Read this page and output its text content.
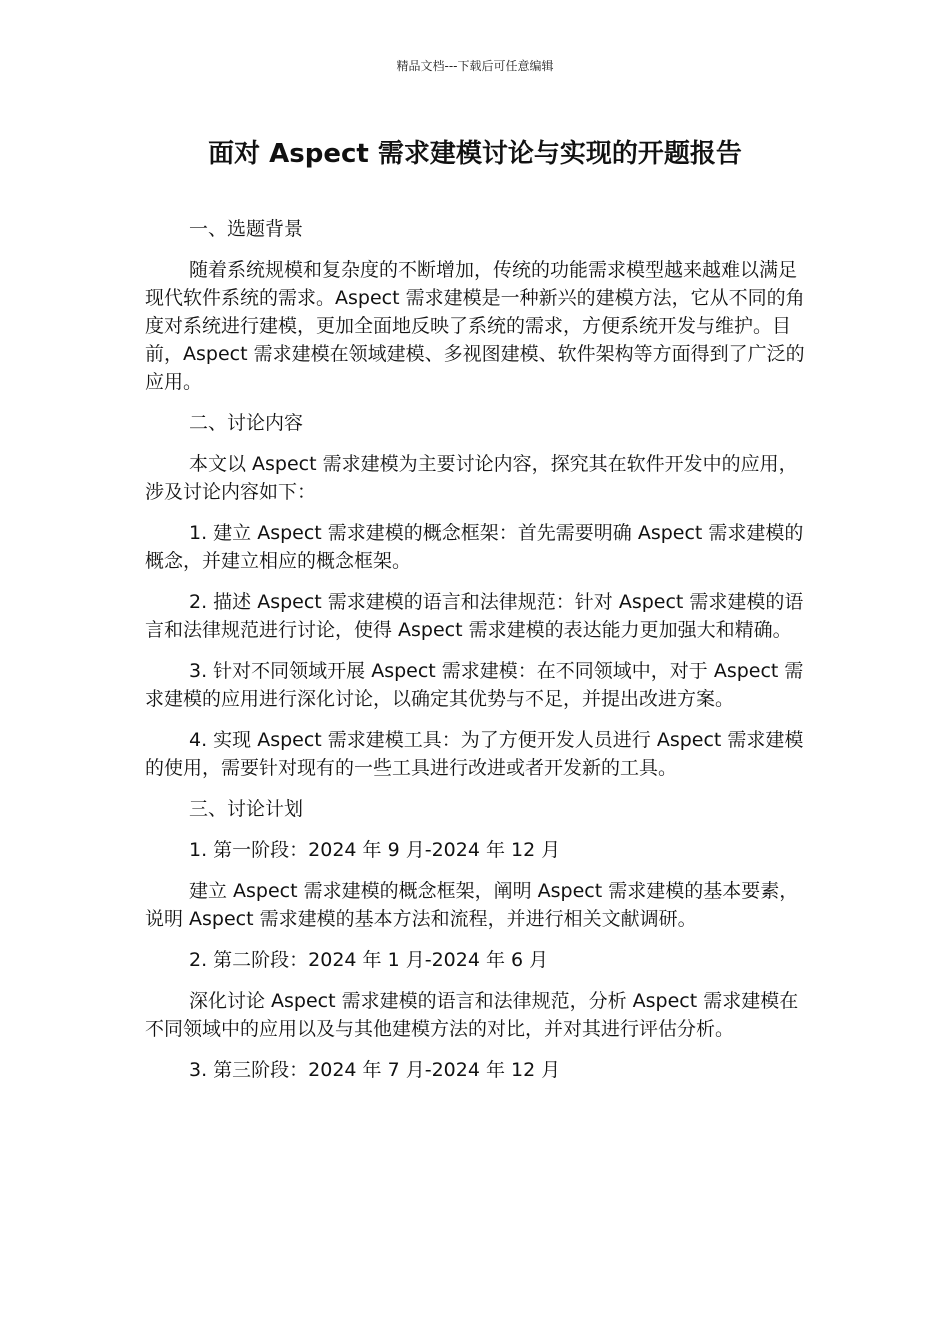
精品文档---下载后可任意编辑
面对 Aspect 需求建模讨论与实现的开题报告

一、选题背景

随着系统规模和复杂度的不断增加，传统的功能需求模型越来越难以满足现代软件系统的需求。Aspect 需求建模是一种新兴的建模方法，它从不同的角度对系统进行建模，更加全面地反映了系统的需求，方便系统开发与维护。目前，Aspect 需求建模在领域建模、多视图建模、软件架构等方面得到了广泛的应用。

二、讨论内容

本文以 Aspect 需求建模为主要讨论内容，探究其在软件开发中的应用，涉及讨论内容如下：

1. 建立 Aspect 需求建模的概念框架：首先需要明确 Aspect 需求建模的概念，并建立相应的概念框架。

2. 描述 Aspect 需求建模的语言和法律规范：针对 Aspect 需求建模的语言和法律规范进行讨论，使得 Aspect 需求建模的表达能力更加强大和精确。

3. 针对不同领域开展 Aspect 需求建模：在不同领域中，对于 Aspect 需求建模的应用进行深化讨论，以确定其优势与不足，并提出改进方案。

4. 实现 Aspect 需求建模工具：为了方便开发人员进行 Aspect 需求建模的使用，需要针对现有的一些工具进行改进或者开发新的工具。

三、讨论计划

1. 第一阶段：2024 年 9 月-2024 年 12 月

建立 Aspect 需求建模的概念框架，阐明 Aspect 需求建模的基本要素，说明 Aspect 需求建模的基本方法和流程，并进行相关文献调研。

2. 第二阶段：2024 年 1 月-2024 年 6 月

深化讨论 Aspect 需求建模的语言和法律规范，分析 Aspect 需求建模在不同领域中的应用以及与其他建模方法的对比，并对其进行评估分析。

3. 第三阶段：2024 年 7 月-2024 年 12 月
